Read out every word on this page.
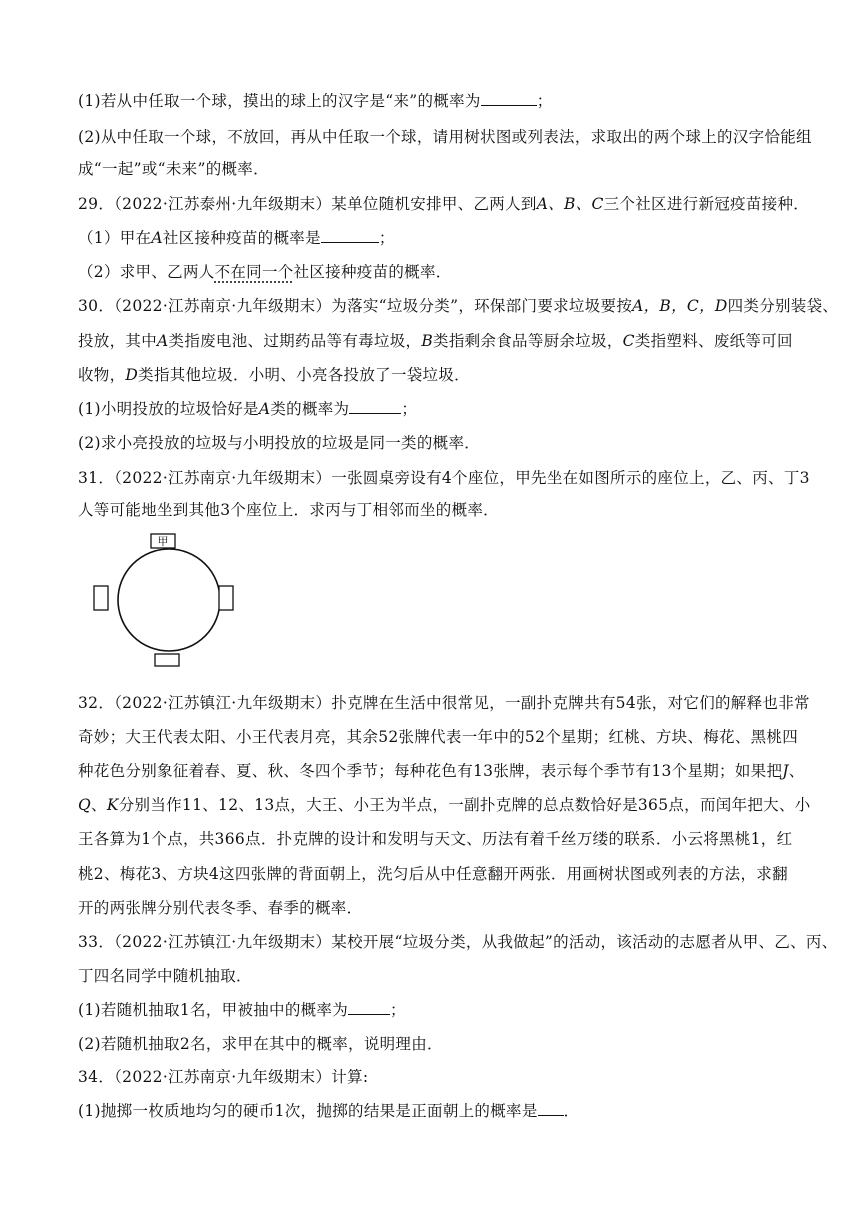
(1)若从中任取一个球，摸出的球上的汉字是“来”的概率为	；
(2)从中任取一个球，不放回，再从中任取一个球，请用树状图或列表法，求取出的两个球上的汉字恰能组
成“一起”或“未来”的概率．
29．（2022·江苏泰州·九年级期末）某单位随机安排甲、乙两人到A、B、C三个社区进行新冠疫苗接种．
（1）甲在A社区接种疫苗的概率是	；
（2）求甲、乙两人不在同一个社区接种疫苗的概率．
30．（2022·江苏南京·九年级期末）为落实“垃圾分类”，环保部门要求垃圾要按A，B，C，D四类分别装袋、
投放，其中A类指废电池、过期药品等有毒垃圾，B类指剩余食品等厨余垃圾，C类指塑料、废纸等可回
收物，D类指其他垃圾．小明、小亮各投放了一袋垃圾．
(1)小明投放的垃圾恰好是A类的概率为	；
(2)求小亮投放的垃圾与小明投放的垃圾是同一类的概率．
31．（2022·江苏南京·九年级期末）一张圆桌旁设有4个座位，甲先坐在如图所示的座位上，乙、丙、丁3
人等可能地坐到其他3个座位上．求丙与丁相邻而坐的概率．
甲
32．（2022·江苏镇江·九年级期末）扑克牌在生活中很常见，一副扑克牌共有54张，对它们的解释也非常
奇妙；大王代表太阳、小王代表月亮，其余52张牌代表一年中的52个星期；红桃、方块、梅花、黑桃四
种花色分别象征着春、夏、秋、冬四个季节；每种花色有13张牌，表示每个季节有13个星期；如果把J、
Q、K分别当作11、12、13点，大王、小王为半点，一副扑克牌的总点数恰好是365点，而闰年把大、小
王各算为1个点，共366点．扑克牌的设计和发明与天文、历法有着千丝万缕的联系．小云将黑桃1，红
桃2、梅花3、方块4这四张牌的背面朝上，洗匀后从中任意翻开两张．用画树状图或列表的方法，求翻
开的两张牌分别代表冬季、春季的概率．
33．（2022·江苏镇江·九年级期末）某校开展“垃圾分类，从我做起”的活动，该活动的志愿者从甲、乙、丙、
丁四名同学中随机抽取．
(1)若随机抽取1名，甲被抽中的概率为	；
(2)若随机抽取2名，求甲在其中的概率，说明理由．
34．（2022·江苏南京·九年级期末）计算:
(1)抛掷一枚质地均匀的硬币1次，抛掷的结果是正面朝上的概率是 ．
